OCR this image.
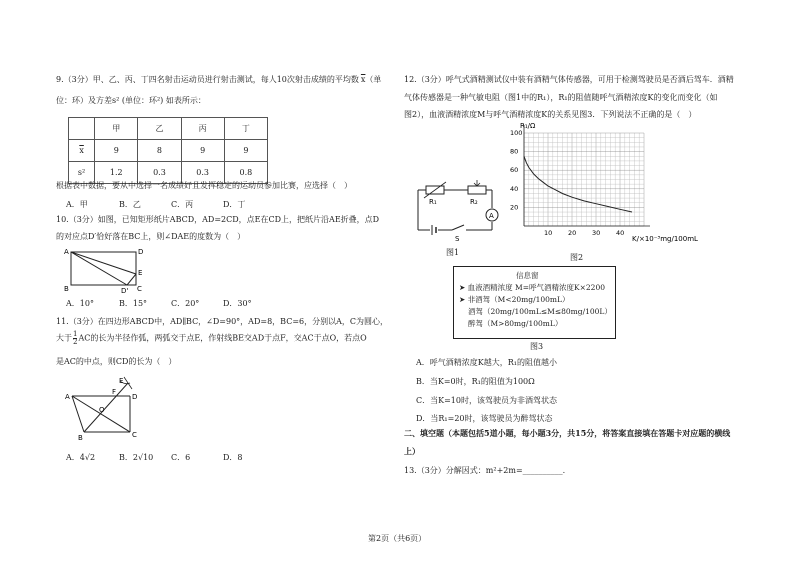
9.（3分）甲、乙、丙、丁四名射击运动员进行射击测试，每人10次射击成绩的平均数 $\overline{x}$（单
位：环）及方差s² (单位：环²) 如表所示：
	甲	乙	丙	丁
$\overline{x}$	9	8	9	9
s²	1.2	0.3	0.3	0.8
根据表中数据，要从中选择一名成绩好且发挥稳定的运动员参加比赛，应选择（　）
A．甲	B．乙	C．丙	D．丁
10.（3分）如图，已知矩形纸片ABCD，AD=2CD，点E在CD上，把纸片沿AE折叠，点D
的对应点D′恰好落在BC上，则∠DAE的度数为（　）
A	D
E
B	D' C
A．10°	B．15°	C．20°	D．30°
11.（3分）在四边形ABCD中，AD∥BC，∠D=90°，AD=8，BC=6，分别以A，C为圆心，
大于 $\frac{1}{2}$ AC的长为半径作弧，两弧交于点E，作射线BE交AD于点F，交AC于点O，若点O
是AC的中点，则CD的长为（　）
E
F
A	D
O
B	C
A．4√2	B．2√10 C．6	D．8
12.（3分）呼气式酒精测试仪中装有酒精气体传感器，可用于检测驾驶员是否酒后驾车．酒精
气体传感器是一种气敏电阻（图1中的R₁），R₁的阻值随呼气酒精浓度K的变化而变化（如
图2），血液酒精浓度M与呼气酒精浓度K的关系见图3．下列说法不正确的是（　）
A
R₁	R₂
S
图1
10 20 30 40
20
40
60
80
100
R₁/Ω
K/×10⁻³mg/100mL
图2
信息窗
➤ 血液酒精浓度 M=呼气酒精浓度K×2200
➤ 非酒驾（M<20mg/100mL）
酒驾（20mg/100mL≤M≤80mg/100L）
醉驾（M>80mg/100mL）
图3
A．呼气酒精浓度K越大，R₁的阻值越小
B．当K=0时，R₁的阻值为100Ω
C．当K=10时，该驾驶员为非酒驾状态
D．当R₁=20时，该驾驶员为醉驾状态
二、填空题（本题包括5道小题，每小题3分，共15分，将答案直接填在答题卡对应题的横线
上）
13.（3分）分解因式：m²+2m=__________.
第2页（共6页）
